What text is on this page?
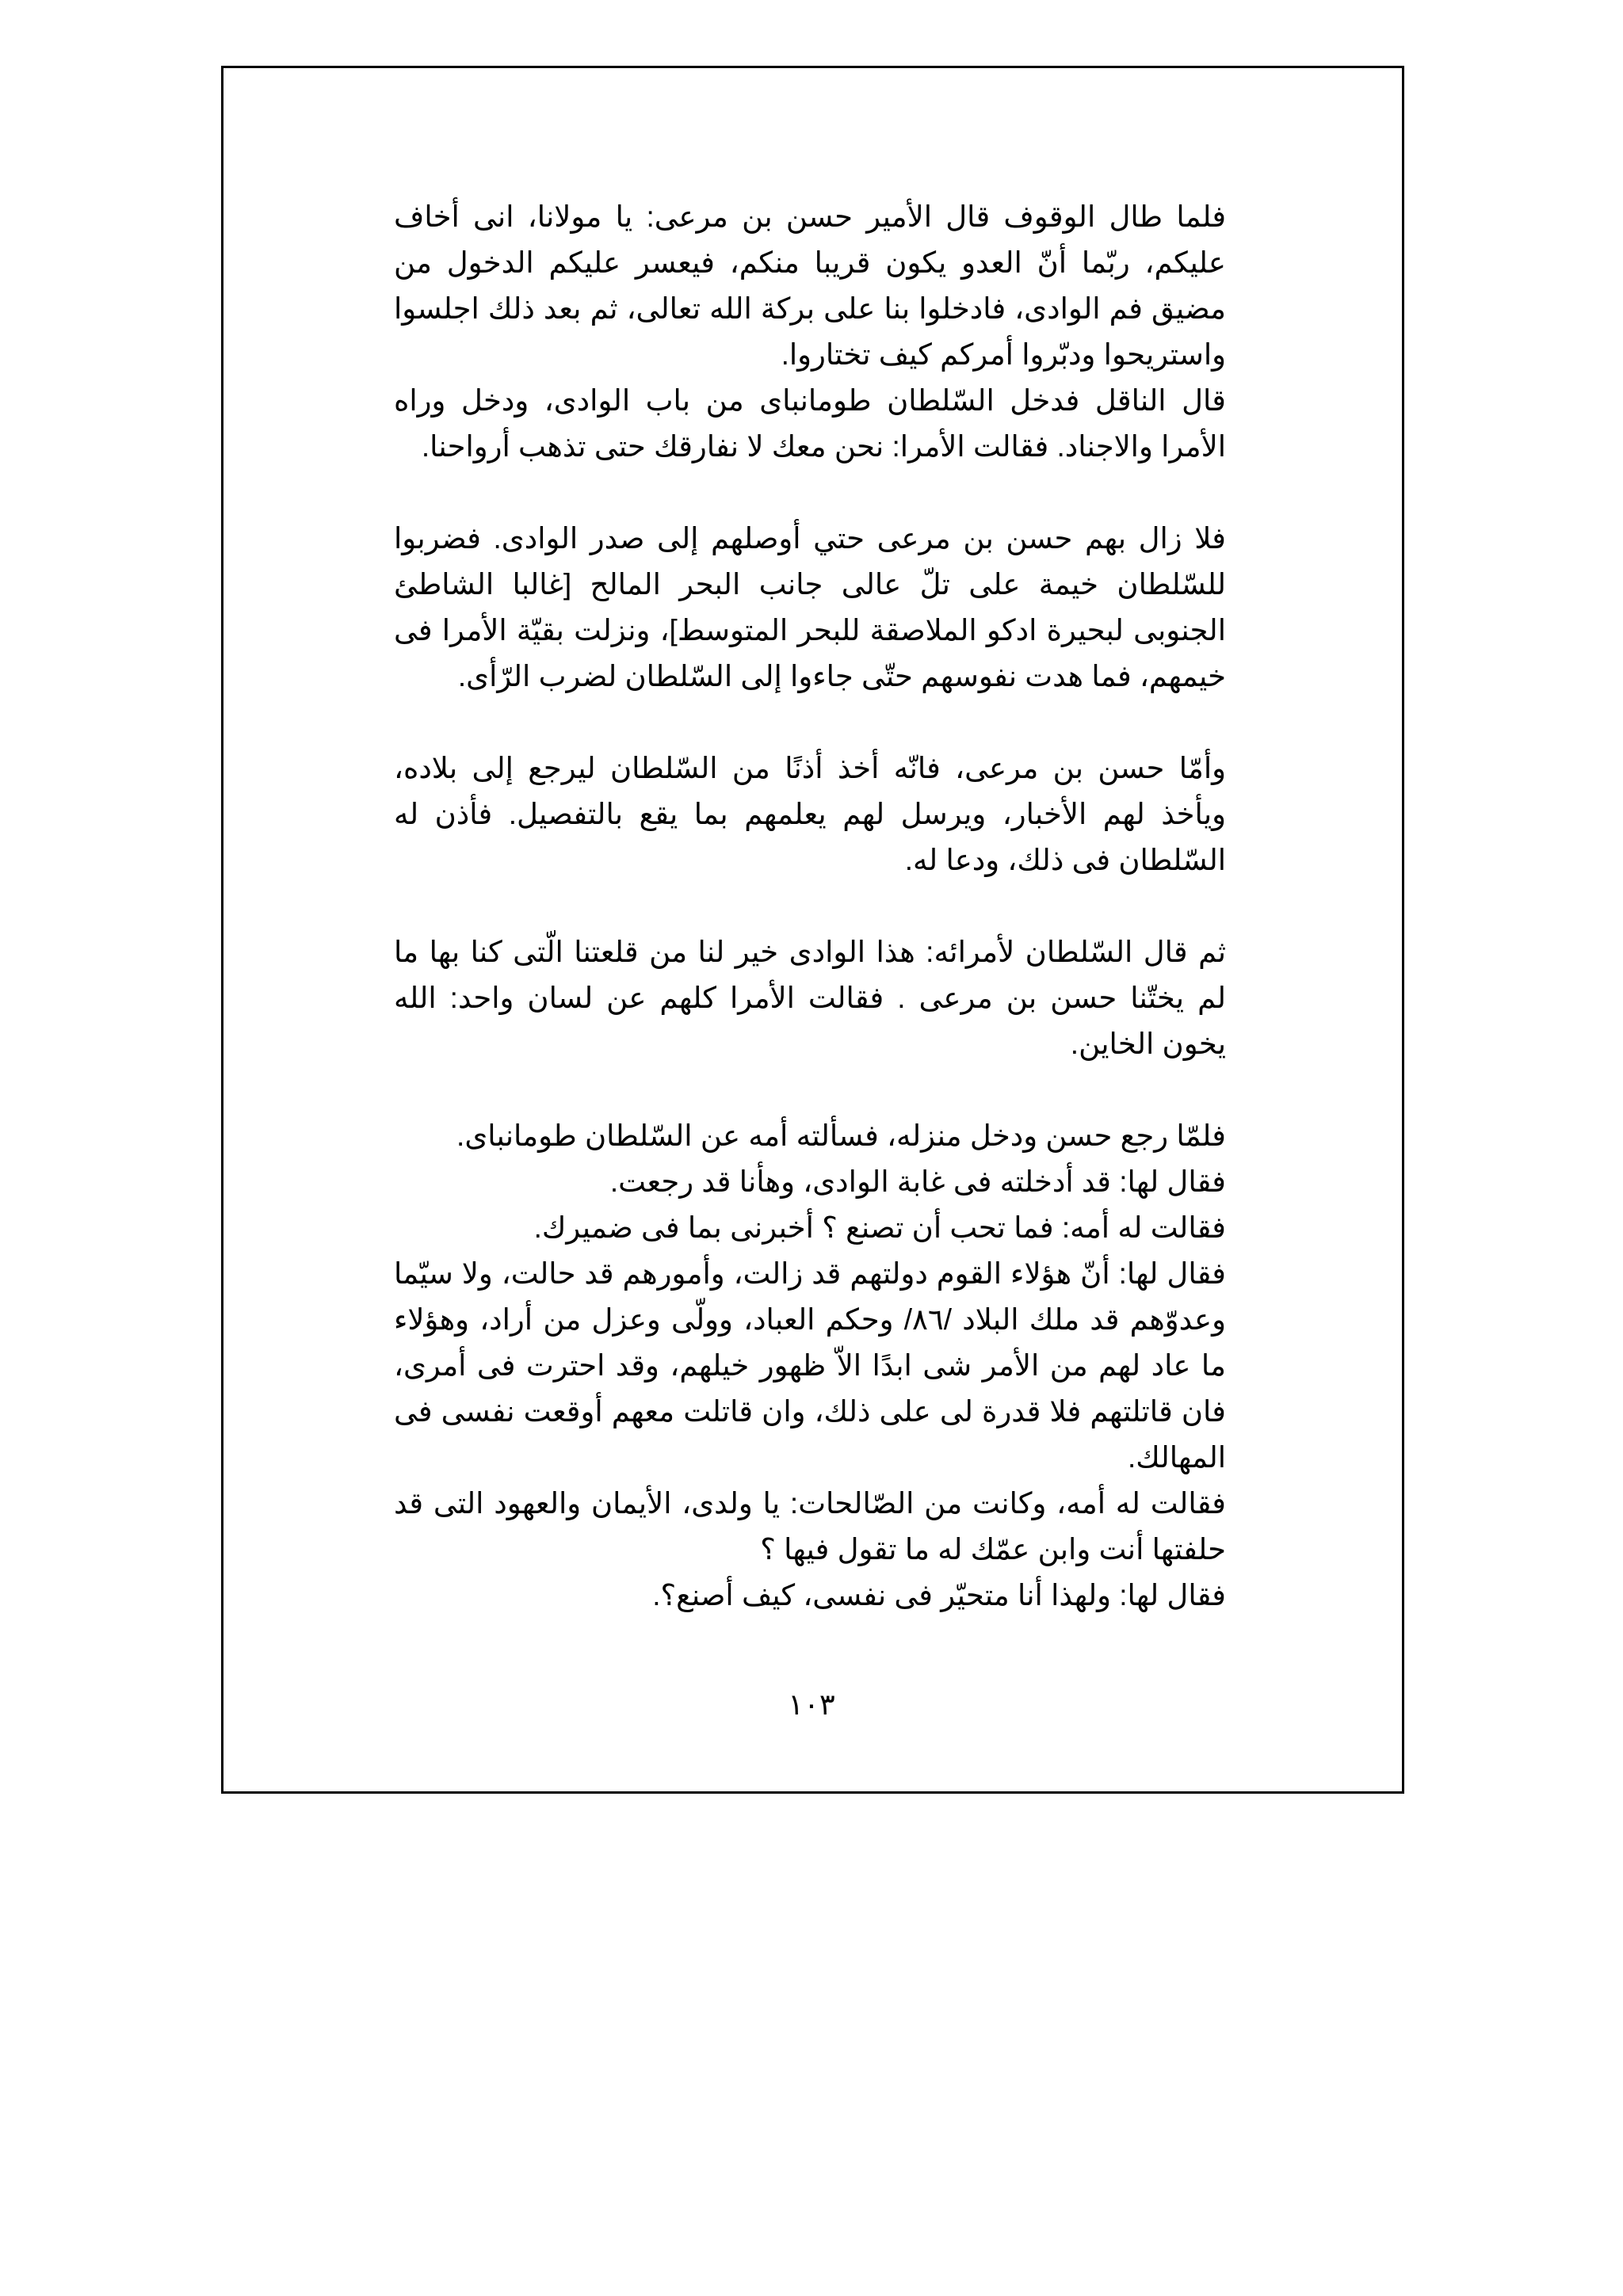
فلما طال الوقوف قال الأمير حسن بن مرعى: يا مولانا، انى أخاف عليكم، ربّما أنّ العدو يكون قريبا منكم، فيعسر عليكم الدخول من مضيق فم الوادى، فادخلوا بنا على بركة الله تعالى، ثم بعد ذلك اجلسوا واستريحوا ودبّروا أمركم كيف تختاروا.

قال الناقل فدخل السّلطان طومانباى من باب الوادى، ودخل وراه الأمرا والاجناد. فقالت الأمرا: نحن معك لا نفارقك حتى تذهب أرواحنا.

فلا زال بهم حسن بن مرعى حتي أوصلهم إلى صدر الوادى. فضربوا للسّلطان خيمة على تلّ عالى جانب البحر المالح [غالبا الشاطئ الجنوبى لبحيرة ادكو الملاصقة للبحر المتوسط]، ونزلت بقيّة الأمرا فى خيمهم، فما هدت نفوسهم حتّى جاءوا إلى السّلطان لضرب الرّأى.

وأمّا حسن بن مرعى، فانّه أخذ أذنًا من السّلطان ليرجع إلى بلاده، ويأخذ لهم الأخبار، ويرسل لهم يعلمهم بما يقع بالتفصيل. فأذن له السّلطان فى ذلك، ودعا له.

ثم قال السّلطان لأمرائه: هذا الوادى خير لنا من قلعتنا الّتى كنا بها ما لم يختّنا حسن بن مرعى . فقالت الأمرا كلهم عن لسان واحد: الله يخون الخاين.

فلمّا رجع حسن ودخل منزله، فسألته أمه عن السّلطان طومانباى.

فقال لها: قد أدخلته فى غابة الوادى، وهأنا قد رجعت.

فقالت له أمه: فما تحب أن تصنع ؟ أخبرنى بما فى ضميرك.

فقال لها: أنّ هؤلاء القوم دولتهم قد زالت، وأمورهم قد حالت، ولا سيّما وعدوّهم قد ملك البلاد /٨٦/ وحكم العباد، وولّى وعزل من أراد، وهؤلاء ما عاد لهم من الأمر شى ابدًا الاّ ظهور خيلهم، وقد احترت فى أمرى، فان قاتلتهم فلا قدرة لى على ذلك، وان قاتلت معهم أوقعت نفسى فى المهالك.

فقالت له أمه، وكانت من الصّالحات: يا ولدى، الأيمان والعهود التى قد حلفتها أنت وابن عمّك له ما تقول فيها ؟

فقال لها: ولهذا أنا متحيّر فى نفسى، كيف أصنع؟.

١٠٣
